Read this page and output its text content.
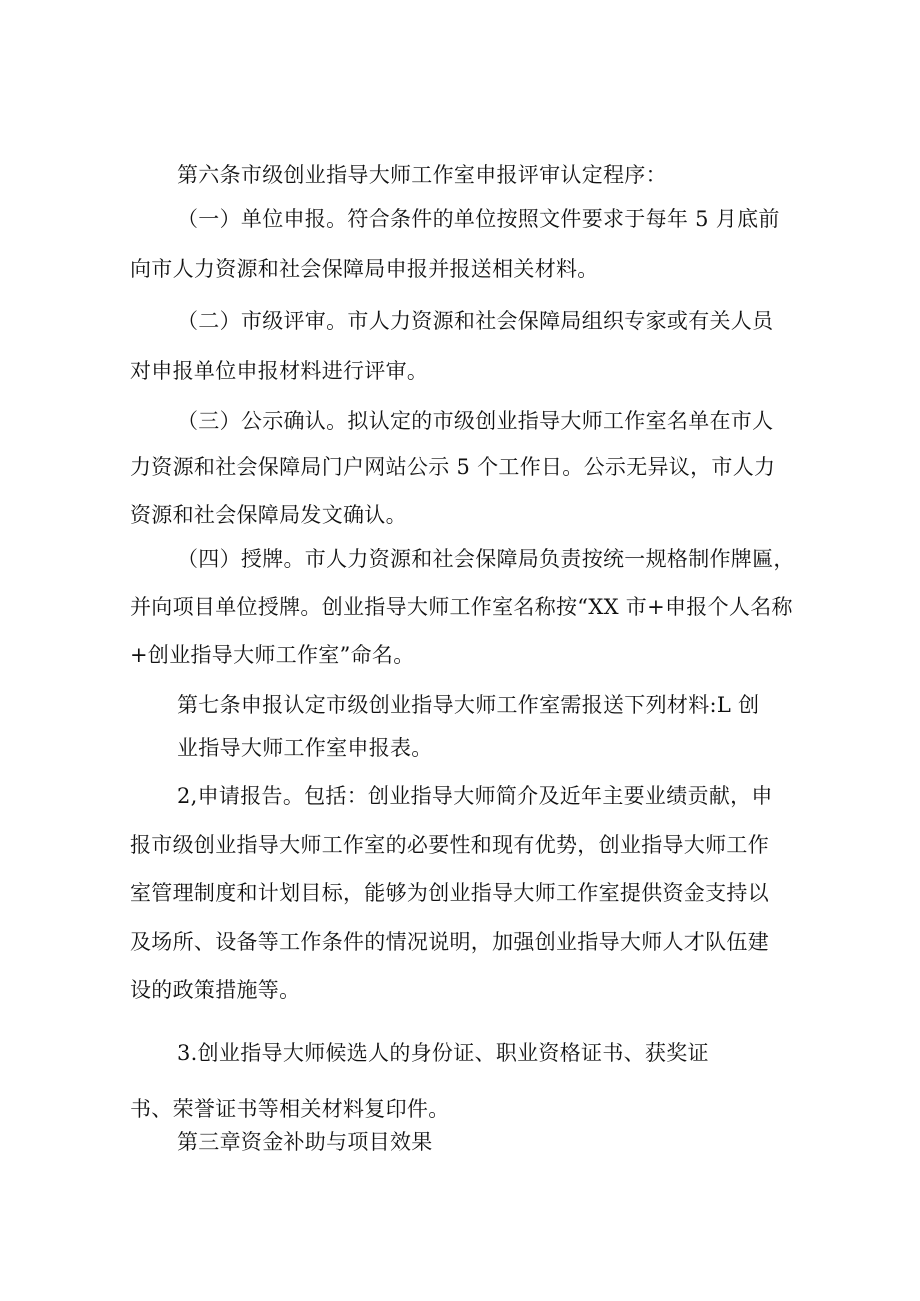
第六条市级创业指导大师工作室申报评审认定程序：
（一）单位申报。符合条件的单位按照文件要求于每年 5 月底前
向市人力资源和社会保障局申报并报送相关材料。
（二）市级评审。市人力资源和社会保障局组织专家或有关人员
对申报单位申报材料进行评审。
（三）公示确认。拟认定的市级创业指导大师工作室名单在市人
力资源和社会保障局门户网站公示 5 个工作日。公示无异议，市人力
资源和社会保障局发文确认。
（四）授牌。市人力资源和社会保障局负责按统一规格制作牌匾，
并向项目单位授牌。创业指导大师工作室名称按“XX 市+申报个人名称
+创业指导大师工作室”命名。
第七条申报认定市级创业指导大师工作室需报送下列材料:L 创
业指导大师工作室申报表。
2,申请报告。包括：创业指导大师简介及近年主要业绩贡献，申
报市级创业指导大师工作室的必要性和现有优势，创业指导大师工作
室管理制度和计划目标，能够为创业指导大师工作室提供资金支持以
及场所、设备等工作条件的情况说明，加强创业指导大师人才队伍建
设的政策措施等。
3.创业指导大师候选人的身份证、职业资格证书、获奖证
书、荣誉证书等相关材料复印件。
第三章资金补助与项目效果
